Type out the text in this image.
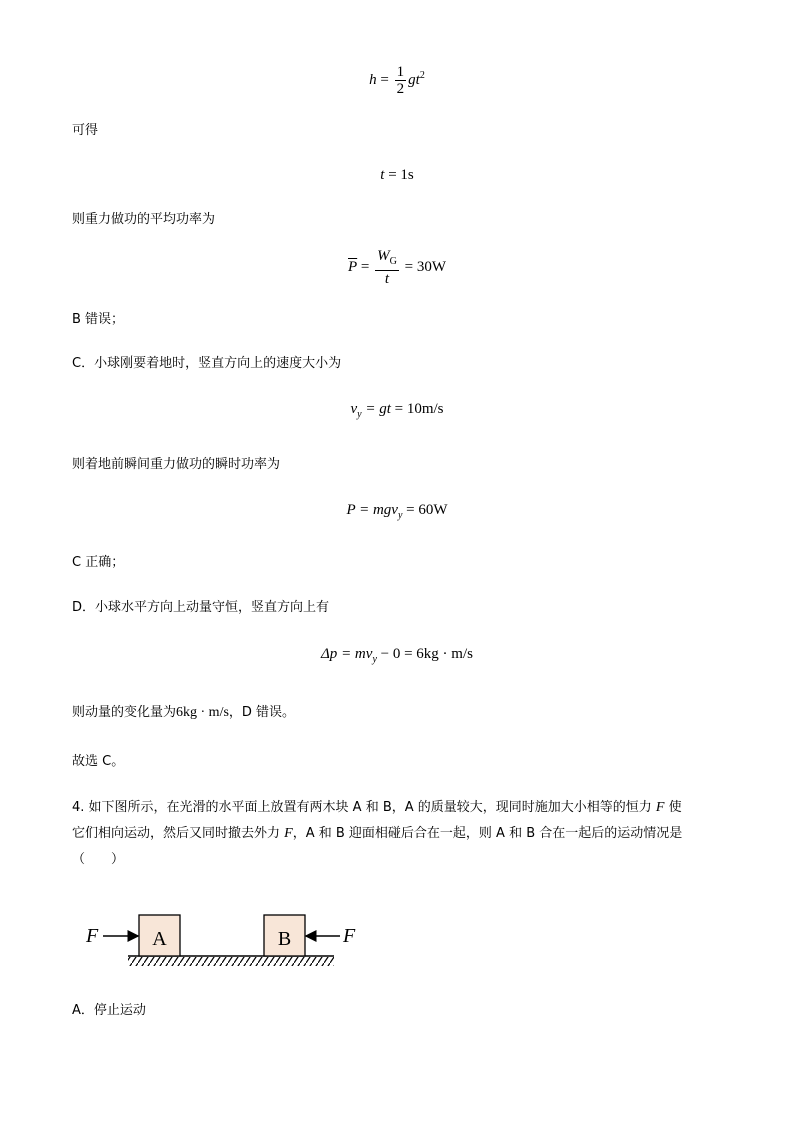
$h = \frac{1}{2} gt^2$
可得
t = 1s
则重力做功的平均功率为
$\overline{P} = \frac{W_G}{t} = 30W$
B 错误；
C．小球刚要着地时，竖直方向上的速度大小为
$v_y$ = gt = 10m/s
则着地前瞬间重力做功的瞬时功率为
P = mgv$_y$ = 60W
C 正确；
D．小球水平方向上动量守恒，竖直方向上有
$\Delta p = mv_y - 0 = 6kg \cdot m/s$
则动量的变化量为6kg · m/s，D 错误。
故选 C。
4. 如下图所示，在光滑的水平面上放置有两木块 A 和 B，A 的质量较大，现同时施加大小相等的恒力 F 使
它们相向运动，然后又同时撤去外力 F，A 和 B 迎面相碰后合在一起，则 A 和 B 合在一起后的运动情况是
（　　）
A	B
F	F
A．停止运动
